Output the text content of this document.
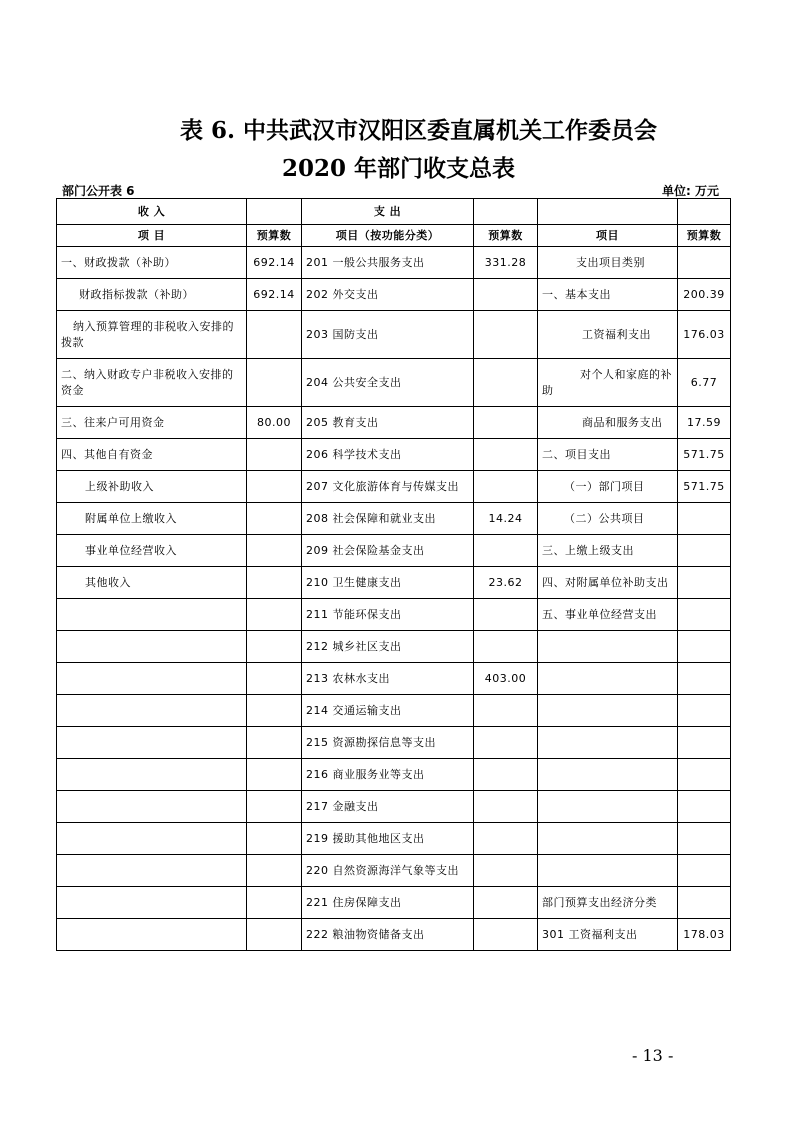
表 6. 中共武汉市汉阳区委直属机关工作委员会
2020 年部门收支总表
部门公开表 6	单位: 万元
收 入		支 出			
项 目	预算数	项目（按功能分类）	预算数	项目	预算数
一、财政拨款（补助）	692.14	201 一般公共服务支出	331.28	支出项目类别	
财政指标拨款（补助）	692.14	202 外交支出		一、基本支出	200.39
纳入预算管理的非税收入安排的拨款		203 国防支出		工资福利支出	176.03
二、纳入财政专户非税收入安排的资金		204 公共安全支出		对个人和家庭的补助	6.77
三、往来户可用资金	80.00	205 教育支出		商品和服务支出	17.59
四、其他自有资金		206 科学技术支出		二、项目支出	571.75
上级补助收入		207 文化旅游体育与传媒支出		（一）部门项目	571.75
附属单位上缴收入		208 社会保障和就业支出	14.24	（二）公共项目	
事业单位经营收入		209 社会保险基金支出		三、上缴上级支出	
其他收入		210 卫生健康支出	23.62	四、对附属单位补助支出	
		211 节能环保支出		五、事业单位经营支出	
		212 城乡社区支出			
		213 农林水支出	403.00		
		214 交通运输支出			
		215 资源勘探信息等支出			
		216 商业服务业等支出			
		217 金融支出			
		219 援助其他地区支出			
		220 自然资源海洋气象等支出			
		221 住房保障支出		部门预算支出经济分类	
		222 粮油物资储备支出		301 工资福利支出	178.03
- 13 -
